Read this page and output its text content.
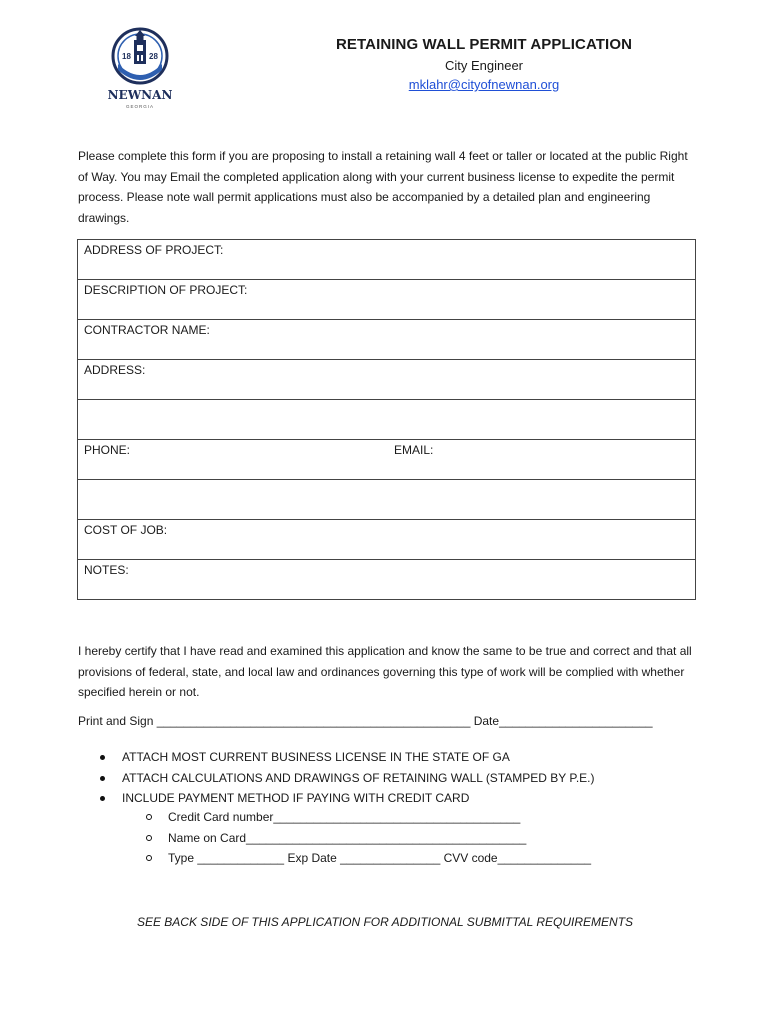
18 28
NEWNAN
GEORGIA
RETAINING WALL PERMIT APPLICATION
City Engineer
mklahr@cityofnewnan.org
Please complete this form if you are proposing to install a retaining wall 4 feet or taller or located at the public Right of Way. You may Email the completed application along with your current business license to expedite the permit process. Please note wall permit applications must also be accompanied by a detailed plan and engineering drawings.
ADDRESS OF PROJECT:
DESCRIPTION OF PROJECT:
CONTRACTOR NAME:
ADDRESS:

PHONE:	EMAIL:

COST OF JOB:
NOTES:
I hereby certify that I have read and examined this application and know the same to be true and correct and that all provisions of federal, state, and local law and ordinances governing this type of work will be complied with whether specified herein or not.
Print and Sign _______________________________________________ Date_______________________
ATTACH MOST CURRENT BUSINESS LICENSE IN THE STATE OF GA
ATTACH CALCULATIONS AND DRAWINGS OF RETAINING WALL (STAMPED BY P.E.)
INCLUDE PAYMENT METHOD IF PAYING WITH CREDIT CARD
Credit Card number_____________________________________
Name on Card__________________________________________
Type _____________ Exp Date _______________ CVV code______________
SEE BACK SIDE OF THIS APPLICATION FOR ADDITIONAL SUBMITTAL REQUIREMENTS
